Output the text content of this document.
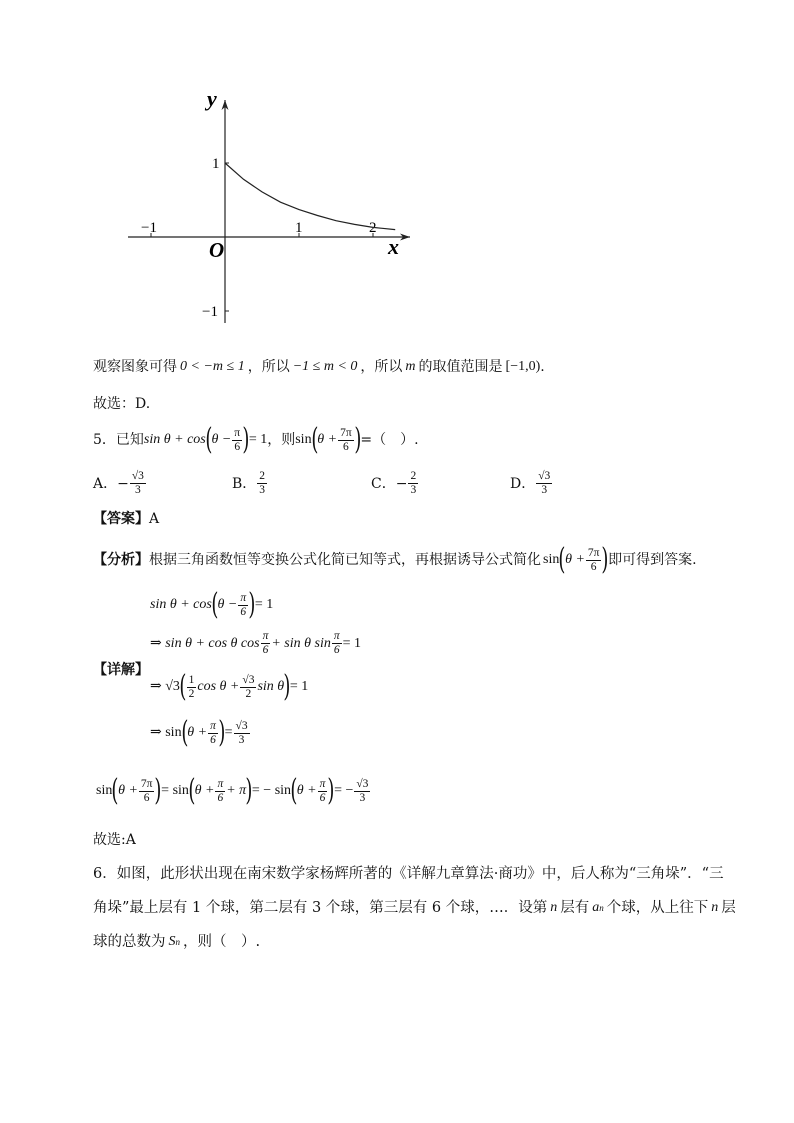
x
y
O
−1	1	2
1
−1
观察图象可得 0 < −m ≤ 1 ，所以 −1 ≤ m < 0 ，所以 m 的取值范围是 [−1,0) .
故选：D.
5．已知 sin θ + cos ( $\theta - \frac{\pi}{6}$ ) = 1 ，则 sin ( $\theta + \frac{7\pi}{6}$ ) =（　）.
A．− $\frac{√3}{3}$	B． $\frac{2}{3}$	C．− $\frac{2}{3}$	D． $\frac{√3}{3}$
【答案】A
【分析】 根据三角函数恒等变换公式化简已知等式，再根据诱导公式简化 sin ( $\theta + \frac{7\pi}{6}$ ) 即可得到答案.
【详解】
sin θ + cos ( $\theta - \frac{\pi}{6}$ ) = 1
⇒ sin θ + cos θ $\cos \frac{\pi}{6} + \sin \theta$ $\sin \frac{\pi}{6} = 1$
⇒ √3 ( $\frac{1}{2}$ $\cos \theta + \frac{√3}{2}$ sin θ ) = 1
⇒ sin ( $\theta + \frac{\pi}{6}$ ) = $\frac{√3}{3}$
sin ( $\theta + \frac{7\pi}{6}$ ) = sin ( $\theta + \frac{\pi}{6} + \pi$ ) = − sin ( $\theta + \frac{\pi}{6}$ ) = − $\frac{√3}{3}$
故选:A
6．如图，此形状出现在南宋数学家杨辉所著的《详解九章算法·商功》中，后人称为“三角垛”．“三
角垛”最上层有 1 个球，第二层有 3 个球，第三层有 6 个球，…．设第 n 层有 a n 个球，从上往下 n 层
球的总数为 S n ，则（　）.
